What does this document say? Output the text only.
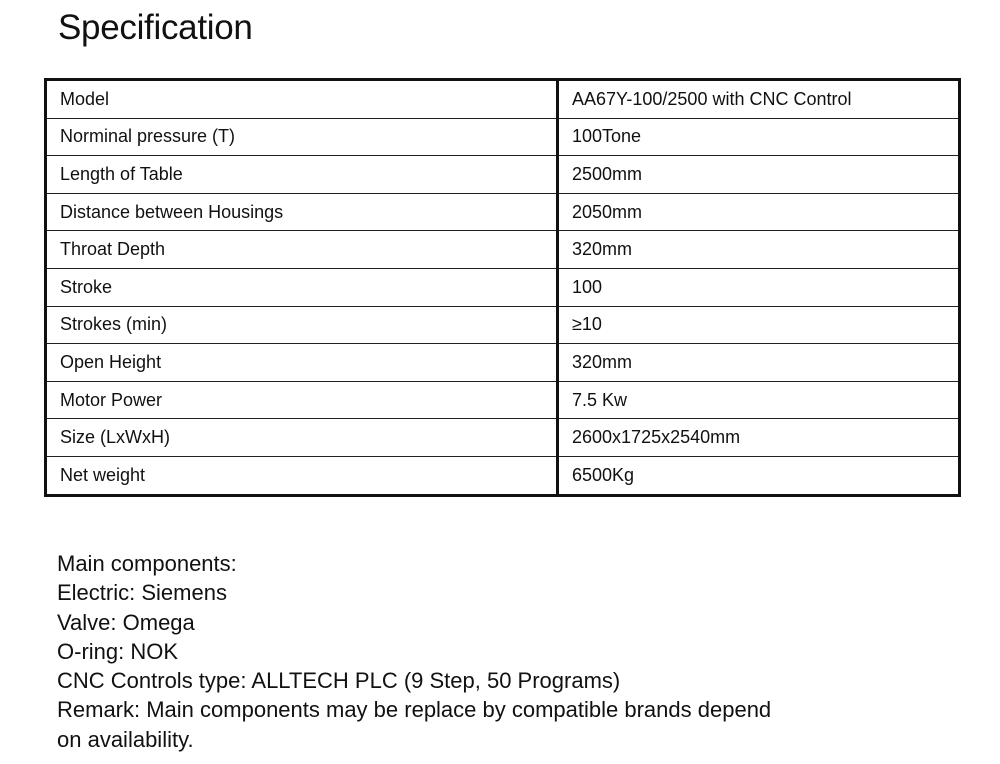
Specification
Model	AA67Y-100/2500 with CNC Control
Norminal pressure (T)	100Tone
Length of Table	2500mm
Distance between Housings	2050mm
Throat Depth	320mm
Stroke	100
Strokes (min)	≥10
Open Height	320mm
Motor Power	7.5 Kw
Size (LxWxH)	2600x1725x2540mm
Net weight	6500Kg
Main components:
Electric: Siemens
Valve: Omega
O-ring: NOK
CNC Controls type: ALLTECH PLC (9 Step, 50 Programs)
Remark: Main components may be replace by compatible brands depend
on availability.
